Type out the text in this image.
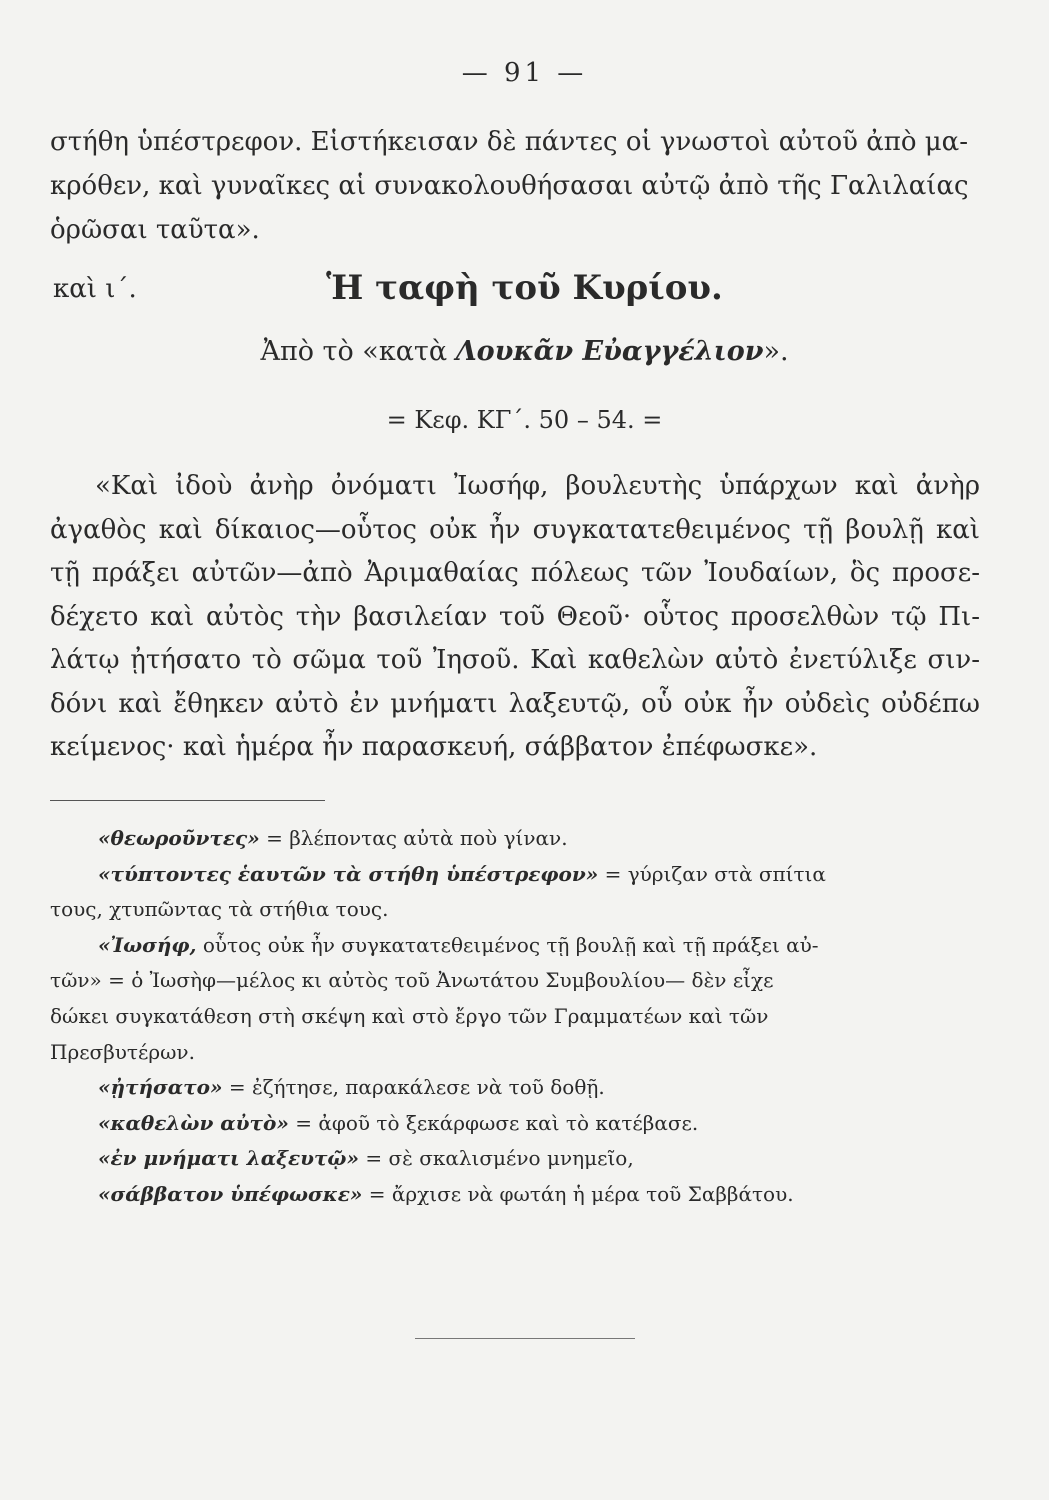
— 91 —
στήθη ὑπέστρεφον. Εἱστήκεισαν δὲ πάντες οἱ γνωστοὶ αὐτοῦ ἀπὸ μα-
κρόθεν, καὶ γυναῖκες αἱ συνακολουθήσασαι αὐτῷ ἀπὸ τῆς Γαλιλαίας
ὁρῶσαι ταῦτα».
καὶ ι΄.	Ἡ ταφὴ τοῦ Κυρίου.
Ἀπὸ τὸ «κατὰ Λουκᾶν Εὐαγγέλιον».
= Κεφ. ΚΓ΄. 50 – 54. =
«Καὶ ἰδοὺ ἀνὴρ ὀνόματι Ἰωσήφ, βουλευτὴς ὑπάρχων καὶ ἀνὴρ
ἀγαθὸς καὶ δίκαιος—οὗτος οὐκ ἦν συγκατατεθειμένος τῇ βουλῇ καὶ
τῇ πράξει αὐτῶν—ἀπὸ Ἀριμαθαίας πόλεως τῶν Ἰουδαίων, ὃς προσε-
δέχετο καὶ αὐτὸς τὴν βασιλείαν τοῦ Θεοῦ· οὗτος προσελθὼν τῷ Πι-
λάτῳ ᾐτήσατο τὸ σῶμα τοῦ Ἰησοῦ. Καὶ καθελὼν αὐτὸ ἐνετύλιξε σιν-
δόνι καὶ ἔθηκεν αὐτὸ ἐν μνήματι λαξευτῷ, οὗ οὐκ ἦν οὐδεὶς οὐδέπω
κείμενος· καὶ ἡμέρα ἦν παρασκευή, σάββατον ἐπέφωσκε».
«θεωροῦντες» = βλέποντας αὐτὰ ποὺ γίναν.
«τύπτοντες ἑαυτῶν τὰ στήθη ὑπέστρεφον» = γύριζαν στὰ σπίτια
τους, χτυπῶντας τὰ στήθια τους.
«Ἰωσήφ, οὗτος οὐκ ἦν συγκατατεθειμένος τῇ βουλῇ καὶ τῇ πράξει αὐ-
τῶν» = ὁ Ἰωσὴφ—μέλος κι αὐτὸς τοῦ Ἀνωτάτου Συμβουλίου— δὲν εἶχε
δώκει συγκατάθεση στὴ σκέψη καὶ στὸ ἔργο τῶν Γραμματέων καὶ τῶν
Πρεσβυτέρων.
«ᾐτήσατο» = ἐζήτησε, παρακάλεσε νὰ τοῦ δοθῇ.
«καθελὼν αὐτὸ» = ἀφοῦ τὸ ξεκάρφωσε καὶ τὸ κατέβασε.
«ἐν μνήματι λαξευτῷ» = σὲ σκαλισμένο μνημεῖο,
«σάββατον ὑπέφωσκε» = ἄρχισε νὰ φωτάη ἡ μέρα τοῦ Σαββάτου.
